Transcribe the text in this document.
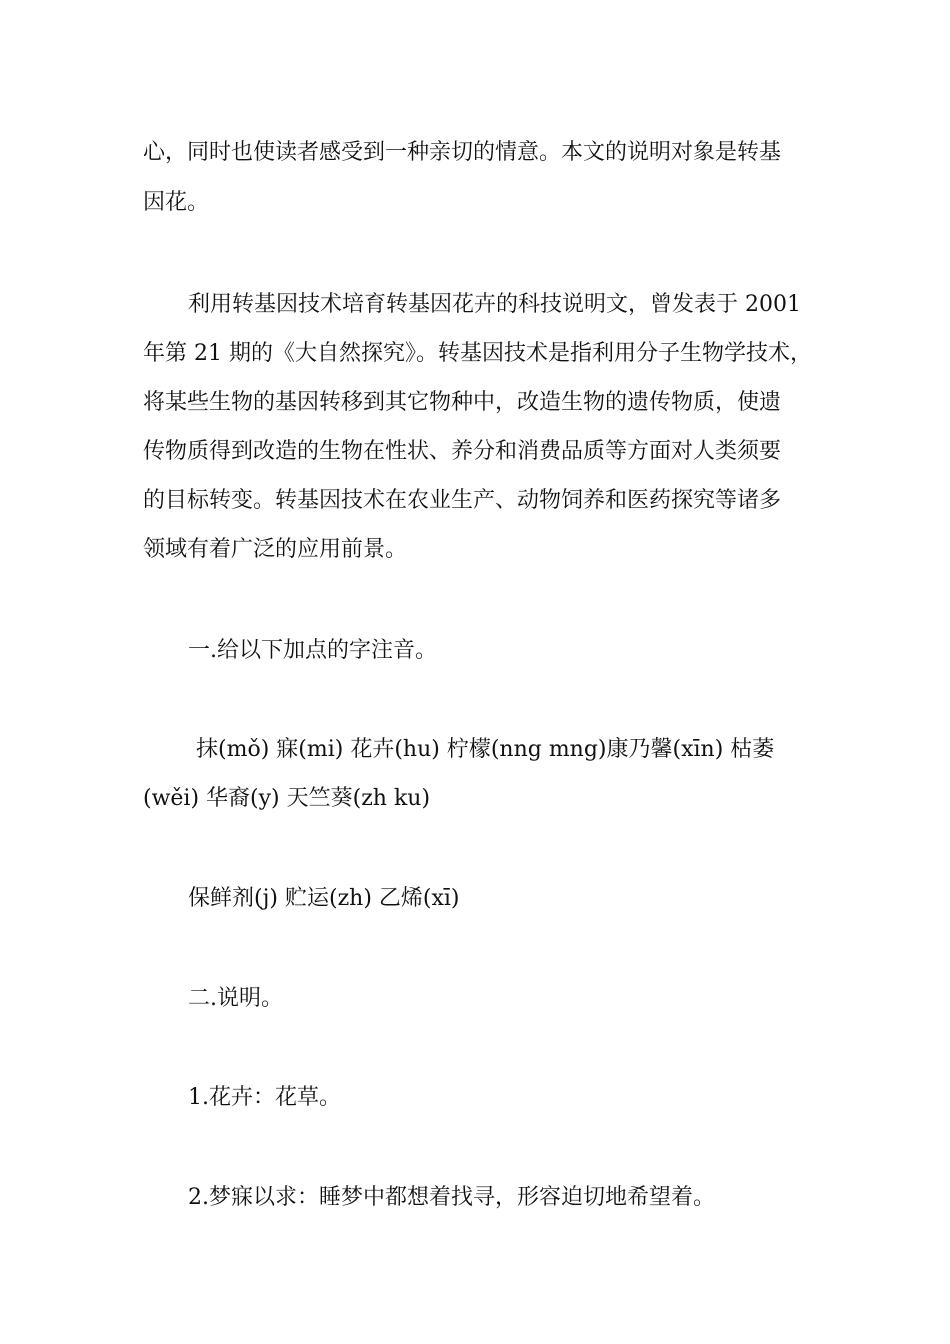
心，同时也使读者感受到一种亲切的情意。本文的说明对象是转基
因花。
利用转基因技术培育转基因花卉的科技说明文，曾发表于 2001
年第 21 期的《大自然探究》。转基因技术是指利用分子生物学技术，
将某些生物的基因转移到其它物种中，改造生物的遗传物质，使遗
传物质得到改造的生物在性状、养分和消费品质等方面对人类须要
的目标转变。转基因技术在农业生产、动物饲养和医药探究等诸多
领域有着广泛的应用前景。
一.给以下加点的字注音。
抹(mǒ) 寐(mi) 花卉(hu) 柠檬(nng mng)康乃馨(xīn) 枯萎
(wěi) 华裔(y) 天竺葵(zh ku)
保鲜剂(j) 贮运(zh) 乙烯(xī)
二.说明。
1.花卉：花草。
2.梦寐以求：睡梦中都想着找寻，形容迫切地希望着。
